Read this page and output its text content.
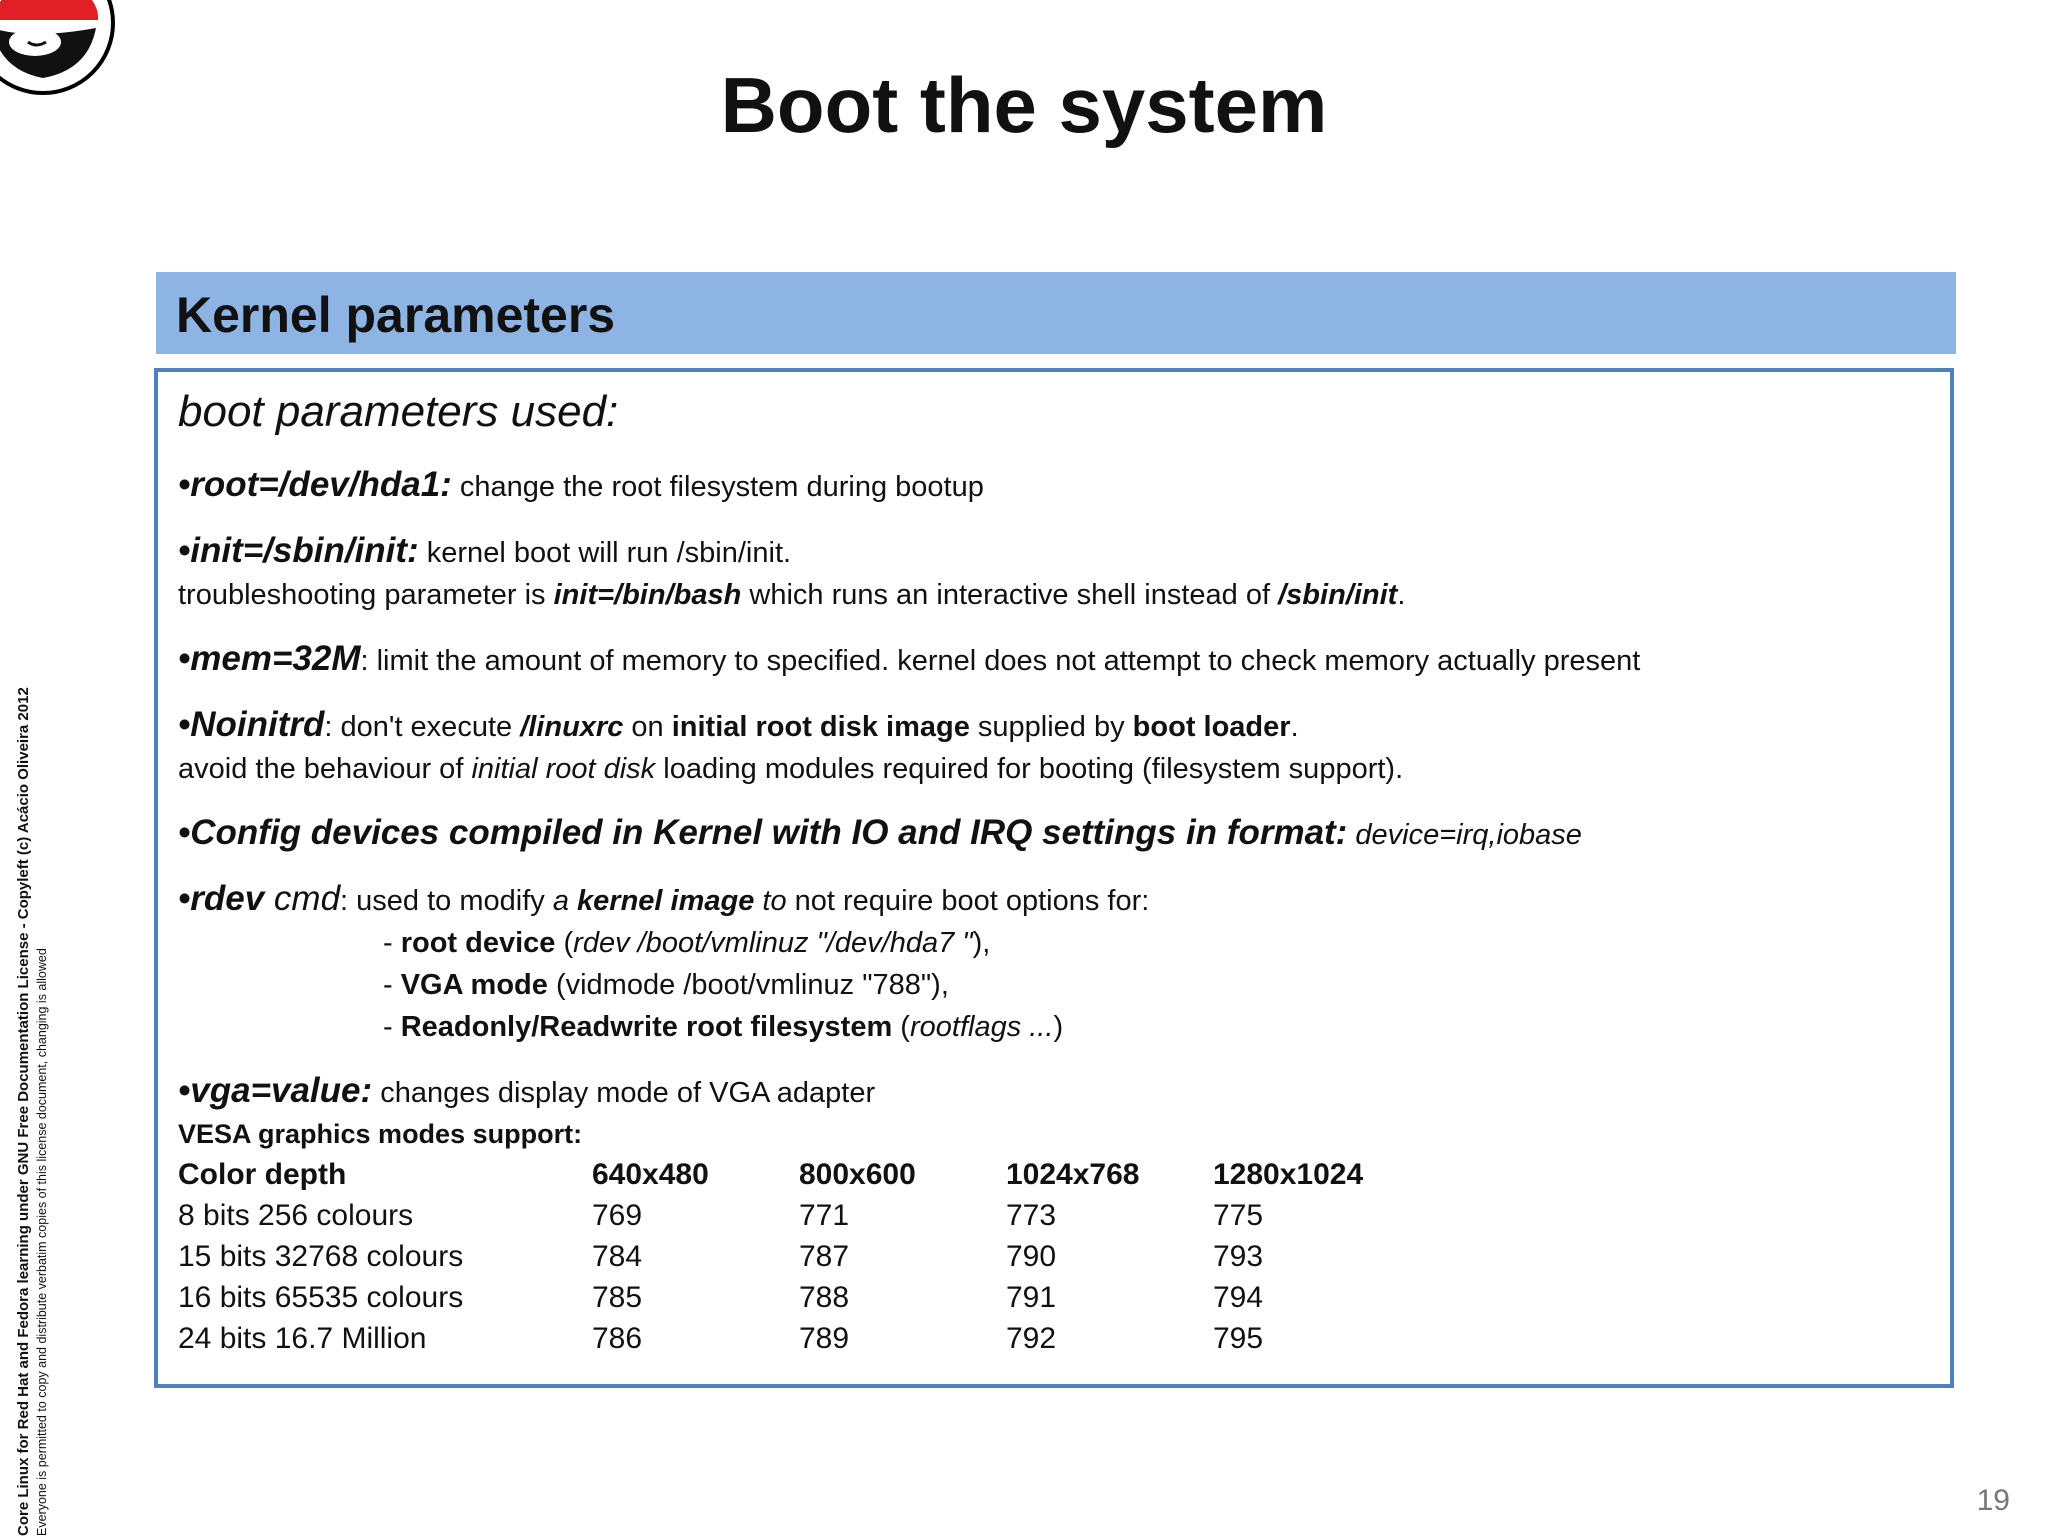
Core Linux for Red Hat and Fedora learning under GNU Free Documentation License - Copyleft (c) Acácio Oliveira 2012 Everyone is permitted to copy and distribute verbatim copies of this license document, changing is allowed
Boot the system
Kernel parameters

boot parameters used:

•root=/dev/hda1: change the root filesystem during bootup
•init=/sbin/init: kernel boot will run /sbin/init.
troubleshooting parameter is init=/bin/bash which runs an interactive shell instead of /sbin/init.
•mem=32M: limit the amount of memory to specified. kernel does not attempt to check memory actually present
•Noinitrd: don't execute /linuxrc on initial root disk image supplied by boot loader.
avoid the behaviour of initial root disk loading modules required for booting (filesystem support).
•Config devices compiled in Kernel with IO and IRQ settings in format: device=irq,iobase
•rdev cmd: used to modify a kernel image to not require boot options for:

- root device (rdev /boot/vmlinuz "/dev/hda7 "),
- VGA mode (vidmode /boot/vmlinuz "788"),
- Readonly/Readwrite root filesystem (rootflags ...)
•vga=value: changes display mode of VGA adapter
VESA graphics modes support:
Color depth	640x480	800x600	1024x768	1280x1024
8 bits 256 colours	769	771	773	775
15 bits 32768 colours	784	787	790	793
16 bits 65535 colours	785	788	791	794
24 bits 16.7 Million	786	789	792	795
19
